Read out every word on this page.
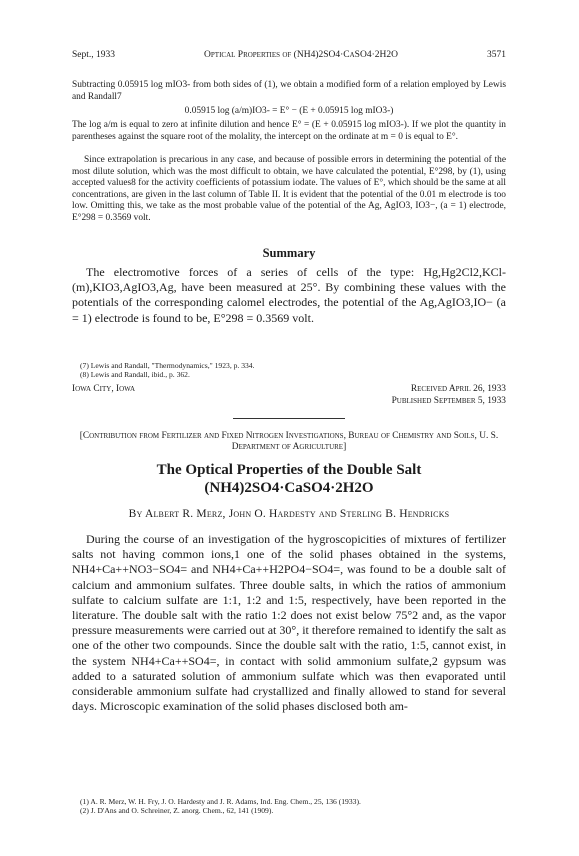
Sept., 1933	Optical Properties of (NH4)2SO4·CaSO4·2H2O	3571

Subtracting 0.05915 log mIO3- from both sides of (1), we obtain a modified form of a relation employed by Lewis and Randall7

0.05915 log (a/m)IO3- = E° − (E + 0.05915 log mIO3-)

The log a/m is equal to zero at infinite dilution and hence E° = (E + 0.05915 log mIO3-). If we plot the quantity in parentheses against the square root of the molality, the intercept on the ordinate at m = 0 is equal to E°.

Since extrapolation is precarious in any case, and because of possible errors in determining the potential of the most dilute solution, which was the most difficult to obtain, we have calculated the potential, E°298, by (1), using accepted values8 for the activity coefficients of potassium iodate. The values of E°, which should be the same at all concentrations, are given in the last column of Table II. It is evident that the potential of the 0.01 m electrode is too low. Omitting this, we take as the most probable value of the potential of the Ag, AgIO3, IO3−, (a = 1) electrode, E°298 = 0.3569 volt.

Summary

The electromotive forces of a series of cells of the type: Hg,Hg2Cl2,KCl-(m),KIO3,AgIO3,Ag, have been measured at 25°. By combining these values with the potentials of the corresponding calomel electrodes, the potential of the Ag,AgIO3,IO− (a = 1) electrode is found to be, E°298 = 0.3569 volt.

(7) Lewis and Randall, "Thermodynamics," 1923, p. 334.
(8) Lewis and Randall, ibid., p. 362.
Iowa City, Iowa	Received April 26, 1933
Published September 5, 1933
[Contribution from Fertilizer and Fixed Nitrogen Investigations, Bureau of Chemistry and Soils, U. S. Department of Agriculture]
The Optical Properties of the Double Salt
(NH4)2SO4·CaSO4·2H2O
By Albert R. Merz, John O. Hardesty and Sterling B. Hendricks

During the course of an investigation of the hygroscopicities of mixtures of fertilizer salts not having common ions,1 one of the solid phases obtained in the systems, NH4+Ca++NO3−SO4= and NH4+Ca++H2PO4−SO4=, was found to be a double salt of calcium and ammonium sulfates. Three double salts, in which the ratios of ammonium sulfate to calcium sulfate are 1:1, 1:2 and 1:5, respectively, have been reported in the literature. The double salt with the ratio 1:2 does not exist below 75°2 and, as the vapor pressure measurements were carried out at 30°, it therefore remained to identify the salt as one of the other two compounds. Since the double salt with the ratio, 1:5, cannot exist, in the system NH4+Ca++SO4=, in contact with solid ammonium sulfate,2 gypsum was added to a saturated solution of ammonium sulfate which was then evaporated until considerable ammonium sulfate had crystallized and finally allowed to stand for several days. Microscopic examination of the solid phases disclosed both am-

(1) A. R. Merz, W. H. Fry, J. O. Hardesty and J. R. Adams, Ind. Eng. Chem., 25, 136 (1933).
(2) J. D'Ans and O. Schreiner, Z. anorg. Chem., 62, 141 (1909).
